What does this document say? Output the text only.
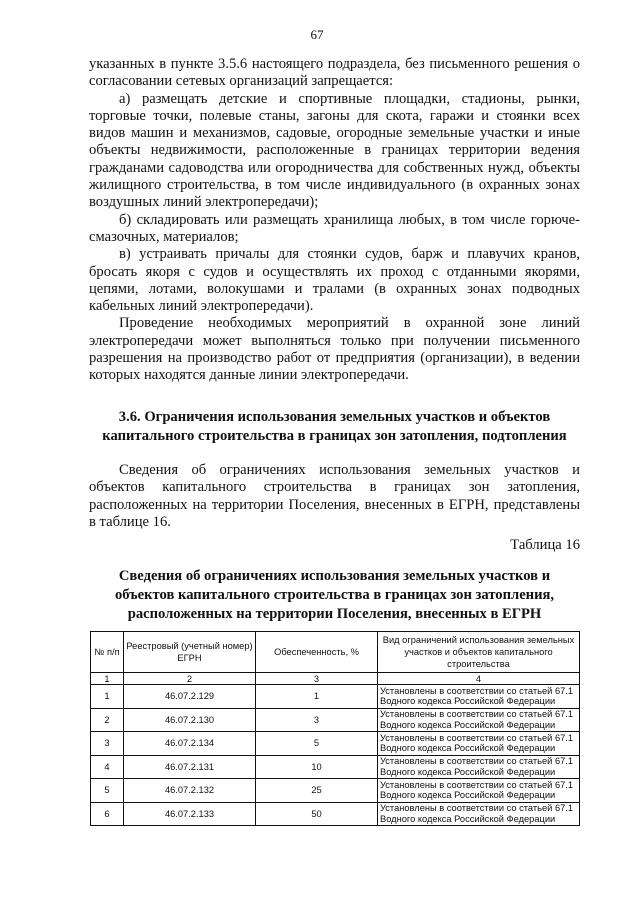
67

указанных в пункте 3.5.6 настоящего подраздела, без письменного решения о согласовании сетевых организаций запрещается:

а) размещать детские и спортивные площадки, стадионы, рынки, торговые точки, полевые станы, загоны для скота, гаражи и стоянки всех видов машин и механизмов, садовые, огородные земельные участки и иные объекты недвижимости, расположенные в границах территории ведения гражданами садоводства или огородничества для собственных нужд, объекты жилищного строительства, в том числе индивидуального (в охранных зонах воздушных линий электропередачи);

б) складировать или размещать хранилища любых, в том числе горюче-смазочных, материалов;

в) устраивать причалы для стоянки судов, барж и плавучих кранов, бросать якоря с судов и осуществлять их проход с отданными якорями, цепями, лотами, волокушами и тралами (в охранных зонах подводных кабельных линий электропередачи).

Проведение необходимых мероприятий в охранной зоне линий электропередачи может выполняться только при получении письменного разрешения на производство работ от предприятия (организации), в ведении которых находятся данные линии электропередачи.

3.6. Ограничения использования земельных участков и объектов капитального строительства в границах зон затопления, подтопления

Сведения об ограничениях использования земельных участков и объектов капитального строительства в границах зон затопления, расположенных на территории Поселения, внесенных в ЕГРН, представлены в таблице 16.

Таблица 16
Сведения об ограничениях использования земельных участков и объектов капитального строительства в границах зон затопления, расположенных на территории Поселения, внесенных в ЕГРН
№ п/п	Реестровый (учетный номер) ЕГРН	Обеспеченность, %	Вид ограничений использования земельных участков и объектов капитального строительства
1	2	3	4
1	46.07.2.129	1	Установлены в соответствии со статьей 67.1 Водного кодекса Российской Федерации
2	46.07.2.130	3	Установлены в соответствии со статьей 67.1 Водного кодекса Российской Федерации
3	46.07.2.134	5	Установлены в соответствии со статьей 67.1 Водного кодекса Российской Федерации
4	46.07.2.131	10	Установлены в соответствии со статьей 67.1 Водного кодекса Российской Федерации
5	46.07.2.132	25	Установлены в соответствии со статьей 67.1 Водного кодекса Российской Федерации
6	46.07.2.133	50	Установлены в соответствии со статьей 67.1 Водного кодекса Российской Федерации
